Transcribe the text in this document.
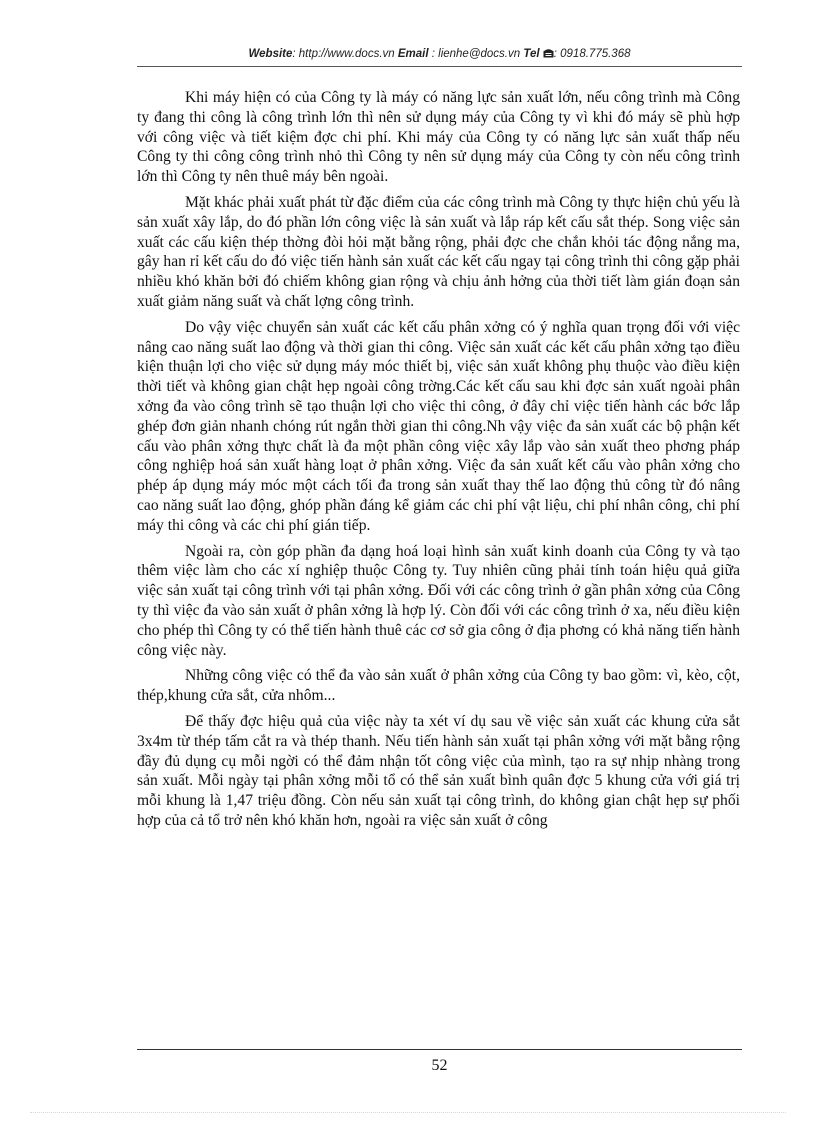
Website: http://www.docs.vn Email : lienhe@docs.vn Tel : 0918.775.368

Khi máy hiện có của Công ty là máy có năng lực sản xuất lớn, nếu công trình mà Công ty đang thi công là công trình lớn thì nên sử dụng máy của Công ty vì khi đó máy sẽ phù hợp với công việc và tiết kiệm đợc chi phí. Khi máy của Công ty có năng lực sản xuất thấp nếu Công ty thi công công trình nhỏ thì Công ty nên sử dụng máy của Công ty còn nếu công trình lớn thì Công ty nên thuê máy bên ngoài.

Mặt khác phải xuất phát từ đặc điểm của các công trình mà Công ty thực hiện chủ yếu là sản xuất xây lắp, do đó phần lớn công việc là sản xuất và lắp ráp kết cấu sắt thép. Song việc sản xuất các cấu kiện thép thờng đòi hỏi mặt bằng rộng, phải đợc che chắn khỏi tác động nắng ma, gây han rỉ kết cấu do đó việc tiến hành sản xuất các kết cấu ngay tại công trình thi công gặp phải nhiều khó khăn bởi đó chiếm không gian rộng và chịu ảnh hởng của thời tiết làm gián đoạn sản xuất giảm năng suất và chất lợng công trình.

Do vậy việc chuyển sản xuất các kết cấu phân xởng có ý nghĩa quan trọng đối với việc nâng cao năng suất lao động và thời gian thi công. Việc sản xuất các kết cấu phân xởng tạo điều kiện thuận lợi cho việc sử dụng máy móc thiết bị, việc sản xuất không phụ thuộc vào điều kiện thời tiết và không gian chật hẹp ngoài công trờng.Các kết cấu sau khi đợc sản xuất ngoài phân xởng đa vào công trình sẽ tạo thuận lợi cho việc thi công, ở đây chỉ việc tiến hành các bớc lắp ghép đơn giản nhanh chóng rút ngắn thời gian thi công.Nh vậy việc đa sản xuất các bộ phận kết cấu vào phân xởng thực chất là đa một phần công việc xây lắp vào sản xuất theo phơng pháp công nghiệp hoá sản xuất hàng loạt ở phân xởng. Việc đa sản xuất kết cấu vào phân xởng cho phép áp dụng máy móc một cách tối đa trong sản xuất thay thế lao động thủ công từ đó nâng cao năng suất lao động, ghóp phần đáng kể giảm các chi phí vật liệu, chi phí nhân công, chi phí máy thi công và các chi phí gián tiếp.

Ngoài ra, còn góp phần đa dạng hoá loại hình sản xuất kinh doanh của Công ty và tạo thêm việc làm cho các xí nghiệp thuộc Công ty. Tuy nhiên cũng phải tính toán hiệu quả giữa việc sản xuất tại công trình với tại phân xởng. Đối với các công trình ở gần phân xởng của Công ty thì việc đa vào sản xuất ở phân xởng là hợp lý. Còn đối với các công trình ở xa, nếu điều kiện cho phép thì Công ty có thể tiến hành thuê các cơ sở gia công ở địa phơng có khả năng tiến hành công việc này.

Những công việc có thể đa vào sản xuất ở phân xởng của Công ty bao gồm: vì, kèo, cột, thép,khung cửa sắt, cửa nhôm...

Để thấy đợc hiệu quả của việc này ta xét ví dụ sau về việc sản xuất các khung cửa sắt 3x4m từ thép tấm cắt ra và thép thanh. Nếu tiến hành sản xuất tại phân xởng với mặt bằng rộng đầy đủ dụng cụ mỗi ngời có thể đảm nhận tốt công việc của mình, tạo ra sự nhịp nhàng trong sản xuất. Mỗi ngày tại phân xởng mỗi tổ có thể sản xuất bình quân đợc 5 khung cửa với giá trị mỗi khung là 1,47 triệu đồng. Còn nếu sản xuất tại công trình, do không gian chật hẹp sự phối hợp của cả tổ trở nên khó khăn hơn, ngoài ra việc sản xuất ở công

52
